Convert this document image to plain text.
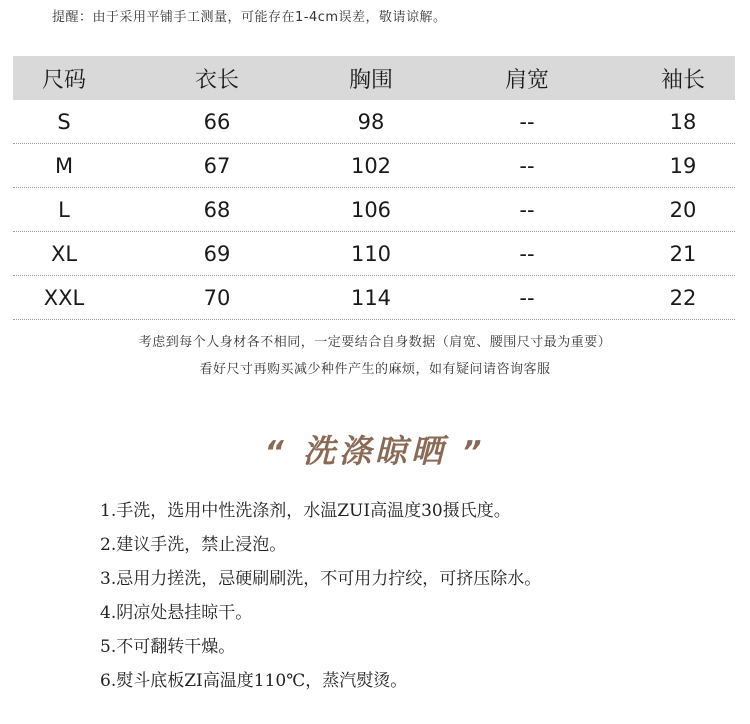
提醒：由于采用平铺手工测量，可能存在1-4cm误差，敬请谅解。
尺码	衣长	胸围	肩宽	袖长
S	66	98	--	18
M	67	102	--	19
L	68	106	--	20
XL	69	110	--	21
XXL	70	114	--	22
考虑到每个人身材各不相同，一定要结合自身数据（肩宽、腰围尺寸最为重要）
看好尺寸再购买减少种件产生的麻烦，如有疑问请咨询客服
“ 洗涤晾晒 ”
1.手洗，选用中性洗涤剂，水温ZUI高温度30摄氏度。
2.建议手洗，禁止浸泡。
3.忌用力搓洗，忌硬刷刷洗，不可用力拧绞，可挤压除水。
4.阴凉处悬挂晾干。
5.不可翻转干燥。
6.熨斗底板ZI高温度110℃，蒸汽熨烫。
